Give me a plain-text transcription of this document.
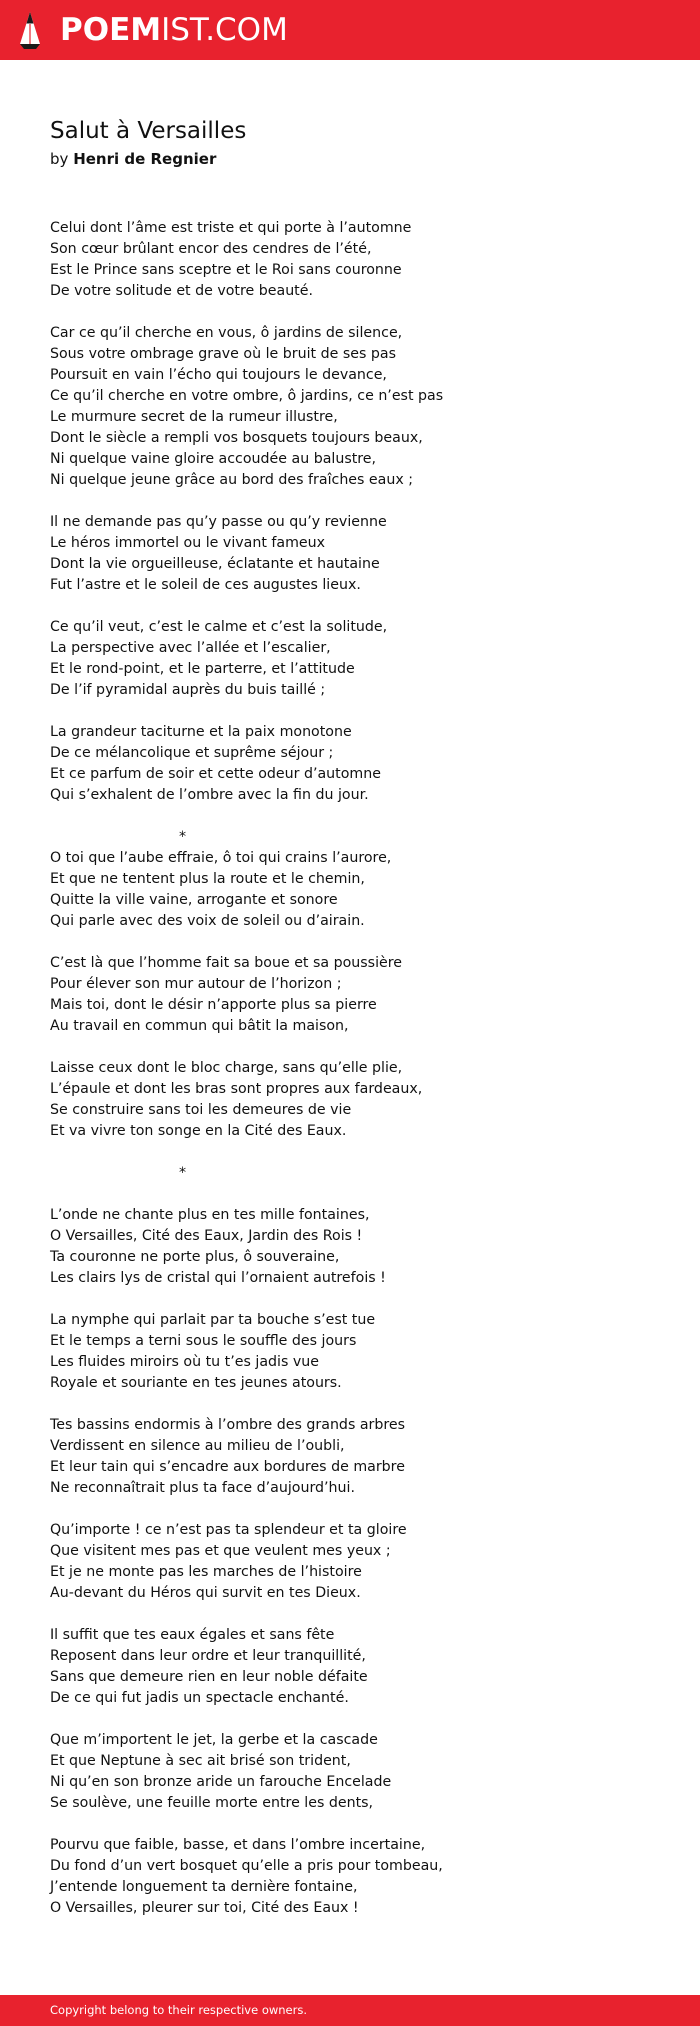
POEMIST.COM
Salut à Versailles
by Henri de Regnier
Celui dont l’âme est triste et qui porte à l’automne
Son cœur brûlant encor des cendres de l’été,
Est le Prince sans sceptre et le Roi sans couronne
De votre solitude et de votre beauté.
Car ce qu’il cherche en vous, ô jardins de silence,
Sous votre ombrage grave où le bruit de ses pas
Poursuit en vain l’écho qui toujours le devance,
Ce qu’il cherche en votre ombre, ô jardins, ce n’est pas
Le murmure secret de la rumeur illustre,
Dont le siècle a rempli vos bosquets toujours beaux,
Ni quelque vaine gloire accoudée au balustre,
Ni quelque jeune grâce au bord des fraîches eaux ;
Il ne demande pas qu’y passe ou qu’y revienne
Le héros immortel ou le vivant fameux
Dont la vie orgueilleuse, éclatante et hautaine
Fut l’astre et le soleil de ces augustes lieux.
Ce qu’il veut, c’est le calme et c’est la solitude,
La perspective avec l’allée et l’escalier,
Et le rond-point, et le parterre, et l’attitude
De l’if pyramidal auprès du buis taillé ;
La grandeur taciturne et la paix monotone
De ce mélancolique et suprême séjour ;
Et ce parfum de soir et cette odeur d’automne
Qui s’exhalent de l’ombre avec la fin du jour.
*
O toi que l’aube effraie, ô toi qui crains l’aurore,
Et que ne tentent plus la route et le chemin,
Quitte la ville vaine, arrogante et sonore
Qui parle avec des voix de soleil ou d’airain.
C’est là que l’homme fait sa boue et sa poussière
Pour élever son mur autour de l’horizon ;
Mais toi, dont le désir n’apporte plus sa pierre
Au travail en commun qui bâtit la maison,
Laisse ceux dont le bloc charge, sans qu’elle plie,
L’épaule et dont les bras sont propres aux fardeaux,
Se construire sans toi les demeures de vie
Et va vivre ton songe en la Cité des Eaux.
*
L’onde ne chante plus en tes mille fontaines,
O Versailles, Cité des Eaux, Jardin des Rois !
Ta couronne ne porte plus, ô souveraine,
Les clairs lys de cristal qui l’ornaient autrefois !
La nymphe qui parlait par ta bouche s’est tue
Et le temps a terni sous le souffle des jours
Les fluides miroirs où tu t’es jadis vue
Royale et souriante en tes jeunes atours.
Tes bassins endormis à l’ombre des grands arbres
Verdissent en silence au milieu de l’oubli,
Et leur tain qui s’encadre aux bordures de marbre
Ne reconnaîtrait plus ta face d’aujourd’hui.
Qu’importe ! ce n’est pas ta splendeur et ta gloire
Que visitent mes pas et que veulent mes yeux ;
Et je ne monte pas les marches de l’histoire
Au-devant du Héros qui survit en tes Dieux.
Il suffit que tes eaux égales et sans fête
Reposent dans leur ordre et leur tranquillité,
Sans que demeure rien en leur noble défaite
De ce qui fut jadis un spectacle enchanté.
Que m’importent le jet, la gerbe et la cascade
Et que Neptune à sec ait brisé son trident,
Ni qu’en son bronze aride un farouche Encelade
Se soulève, une feuille morte entre les dents,
Pourvu que faible, basse, et dans l’ombre incertaine,
Du fond d’un vert bosquet qu’elle a pris pour tombeau,
J’entende longuement ta dernière fontaine,
O Versailles, pleurer sur toi, Cité des Eaux !
Copyright belong to their respective owners.
